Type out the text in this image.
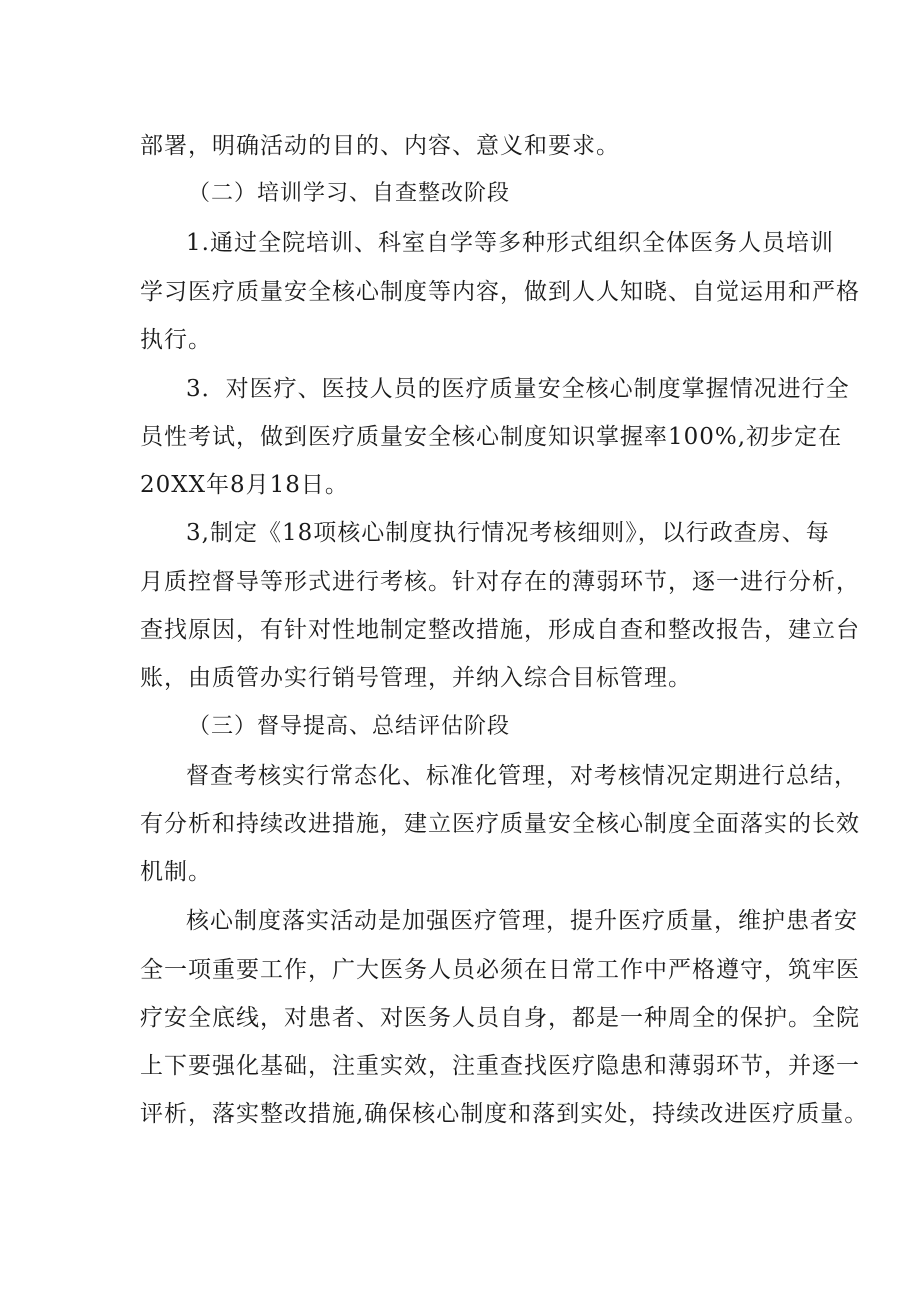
部署，明确活动的目的、内容、意义和要求。
（二）培训学习、自查整改阶段
1.通过全院培训、科室自学等多种形式组织全体医务人员培训
学习医疗质量安全核心制度等内容，做到人人知晓、自觉运用和严格
执行。
3．对医疗、医技人员的医疗质量安全核心制度掌握情况进行全
员性考试，做到医疗质量安全核心制度知识掌握率100%,初步定在
20XX年8月18日。
3,制定《18项核心制度执行情况考核细则》，以行政查房、每
月质控督导等形式进行考核。针对存在的薄弱环节，逐一进行分析，
查找原因，有针对性地制定整改措施，形成自查和整改报告，建立台
账，由质管办实行销号管理，并纳入综合目标管理。
（三）督导提高、总结评估阶段
督查考核实行常态化、标准化管理，对考核情况定期进行总结，
有分析和持续改进措施，建立医疗质量安全核心制度全面落实的长效
机制。
核心制度落实活动是加强医疗管理，提升医疗质量，维护患者安
全一项重要工作，广大医务人员必须在日常工作中严格遵守，筑牢医
疗安全底线，对患者、对医务人员自身，都是一种周全的保护。全院
上下要强化基础，注重实效，注重查找医疗隐患和薄弱环节，并逐一
评析，落实整改措施,确保核心制度和落到实处，持续改进医疗质量。
